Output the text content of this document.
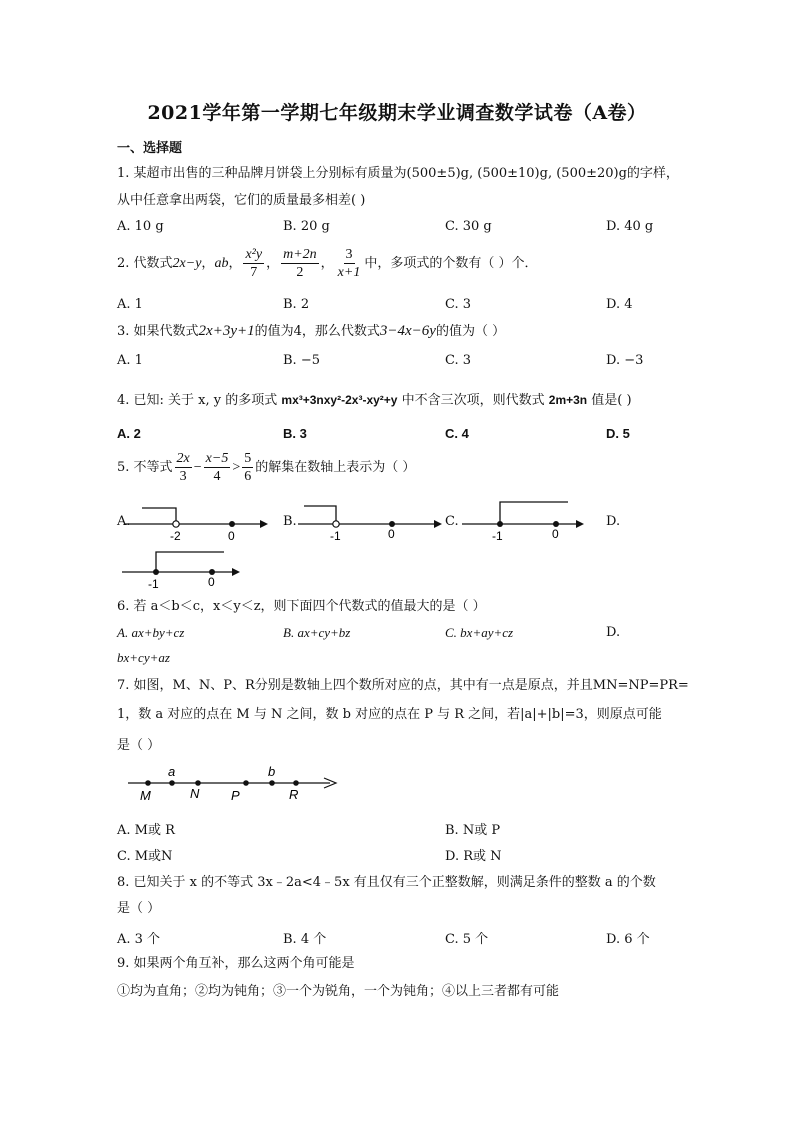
2021学年第一学期七年级期末学业调查数学试卷（A卷）
一、选择题
1. 某超市出售的三种品牌月饼袋上分别标有质量为(500±5)g, (500±10)g, (500±20)g的字样，
从中任意拿出两袋，它们的质量最多相差( )
A. 10 g	B. 20 g	C. 30 g	D. 40 g
2. 代数式 2x−y ， ab ， $\frac{\text{x²y}}{7}$ ， $\frac{m+2n}{2}$ ， $\frac{3}{x+1}$ 中，多项式的个数有（ ）个．
A. 1	B. 2	C. 3	D. 4
3. 如果代数式2x+3y+1的值为4，那么代数式3−4x−6y的值为（ ）
A. 1	B. −5	C. 3	D. −3
4. 已知: 关于 x, y 的多项式 mx³+3nxy²-2x³-xy²+y 中不含三次项，则代数式 2m+3n 值是( )
A. 2	B. 3	C. 4	D. 5
5. 不等式 $\frac{2x}{3} - \frac{x-5}{4} > \frac{5}{6}$ 的解集在数轴上表示为（ ）
A.
-2	0
B.
-1	0
C.
-1	0
D.
-1	0
6. 若 a＜b＜c，x＜y＜z，则下面四个代数式的值最大的是（ ）
A. ax+by+cz	B. ax+cy+bz	C. bx+ay+cz	D.
bx+cy+az
7. 如图，M、N、P、R分别是数轴上四个数所对应的点，其中有一点是原点，并且MN=NP=PR=
1，数 a 对应的点在 M 与 N 之间，数 b 对应的点在 P 与 R 之间，若|a|+|b|=3，则原点可能
是（ ）
a	b
M	N P	R
A. M或 R	B. N或 P
C. M或N	D. R或 N
8. 已知关于 x 的不等式 3x﹣2a<4﹣5x 有且仅有三个正整数解，则满足条件的整数 a 的个数
是（ ）
A. 3 个	B. 4 个	C. 5 个	D. 6 个
9. 如果两个角互补，那么这两个角可能是
①均为直角；②均为钝角；③一个为锐角，一个为钝角；④以上三者都有可能
